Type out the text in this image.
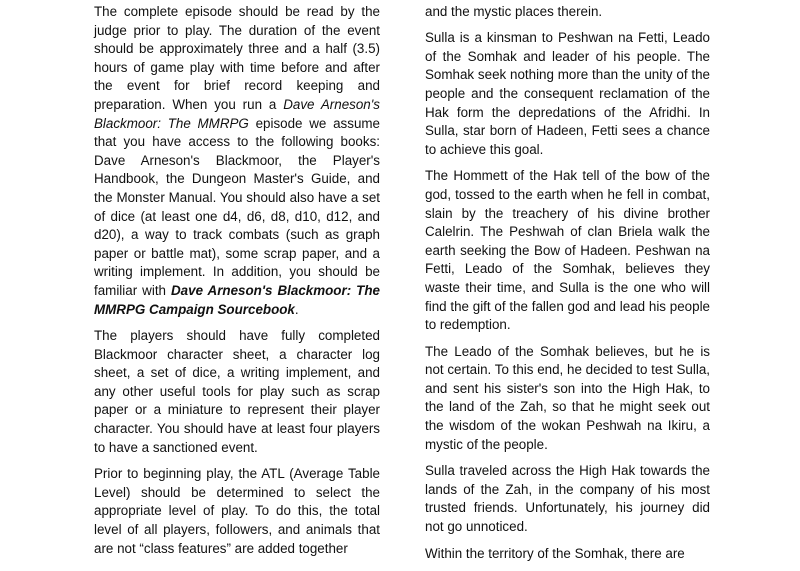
The complete episode should be read by the judge prior to play. The duration of the event should be approximately three and a half (3.5) hours of game play with time before and after the event for brief record keeping and preparation. When you run a Dave Arneson's Blackmoor: The MMRPG episode we assume that you have access to the following books: Dave Arneson's Blackmoor, the Player's Handbook, the Dungeon Master's Guide, and the Monster Manual. You should also have a set of dice (at least one d4, d6, d8, d10, d12, and d20), a way to track combats (such as graph paper or battle mat), some scrap paper, and a writing implement. In addition, you should be familiar with Dave Arneson's Blackmoor: The MMRPG Campaign Sourcebook.

The players should have fully completed Blackmoor character sheet, a character log sheet, a set of dice, a writing implement, and any other useful tools for play such as scrap paper or a miniature to represent their player character. You should have at least four players to have a sanctioned event.

Prior to beginning play, the ATL (Average Table Level) should be determined to select the appropriate level of play. To do this, the total level of all players, followers, and animals that are not “class features” are added together

and the mystic places therein.

Sulla is a kinsman to Peshwan na Fetti, Leado of the Somhak and leader of his people. The Somhak seek nothing more than the unity of the people and the consequent reclamation of the Hak form the depredations of the Afridhi. In Sulla, star born of Hadeen, Fetti sees a chance to achieve this goal.

The Hommett of the Hak tell of the bow of the god, tossed to the earth when he fell in combat, slain by the treachery of his divine brother Calelrin. The Peshwah of clan Briela walk the earth seeking the Bow of Hadeen. Peshwan na Fetti, Leado of the Somhak, believes they waste their time, and Sulla is the one who will find the gift of the fallen god and lead his people to redemption.

The Leado of the Somhak believes, but he is not certain. To this end, he decided to test Sulla, and sent his sister's son into the High Hak, to the land of the Zah, so that he might seek out the wisdom of the wokan Peshwah na Ikiru, a mystic of the people.

Sulla traveled across the High Hak towards the lands of the Zah, in the company of his most trusted friends. Unfortunately, his journey did not go unnoticed.

Within the territory of the Somhak, there are
